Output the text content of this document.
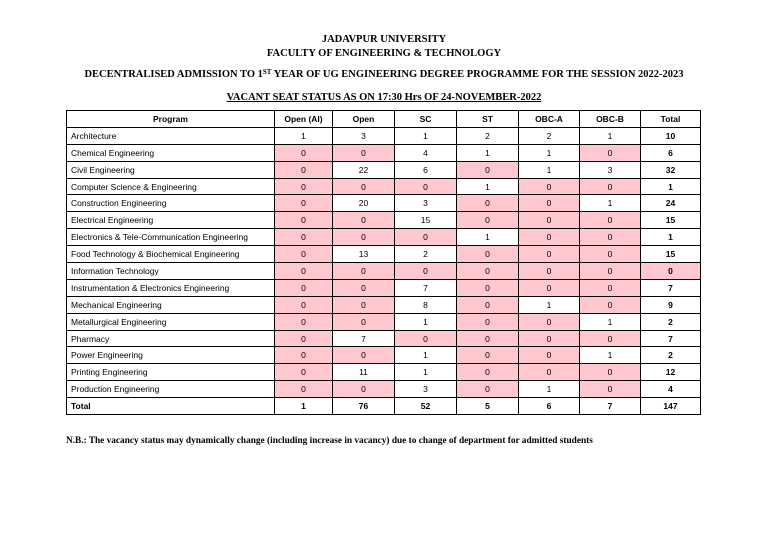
JADAVPUR UNIVERSITY
FACULTY OF ENGINEERING & TECHNOLOGY
DECENTRALISED ADMISSION TO 1ST YEAR OF UG ENGINEERING DEGREE PROGRAMME FOR THE SESSION 2022-2023
VACANT SEAT STATUS AS ON 17:30 Hrs OF 24-NOVEMBER-2022
Program	Open (AI)	Open	SC	ST	OBC-A	OBC-B	Total
Architecture	1	3	1	2	2	1	10
Chemical Engineering	0	0	4	1	1	0	6
Civil Engineering	0	22	6	0	1	3	32
Computer Science & Engineering	0	0	0	1	0	0	1
Construction Engineering	0	20	3	0	0	1	24
Electrical Engineering	0	0	15	0	0	0	15
Electronics & Tele-Communication Engineering	0	0	0	1	0	0	1
Food Technology & Biochemical Engineering	0	13	2	0	0	0	15
Information Technology	0	0	0	0	0	0	0
Instrumentation & Electronics Engineering	0	0	7	0	0	0	7
Mechanical Engineering	0	0	8	0	1	0	9
Metallurgical Engineering	0	0	1	0	0	1	2
Pharmacy	0	7	0	0	0	0	7
Power Engineering	0	0	1	0	0	1	2
Printing Engineering	0	11	1	0	0	0	12
Production Engineering	0	0	3	0	1	0	4
Total	1	76	52	5	6	7	147
N.B.: The vacancy status may dynamically change (including increase in vacancy) due to change of department for admitted students
